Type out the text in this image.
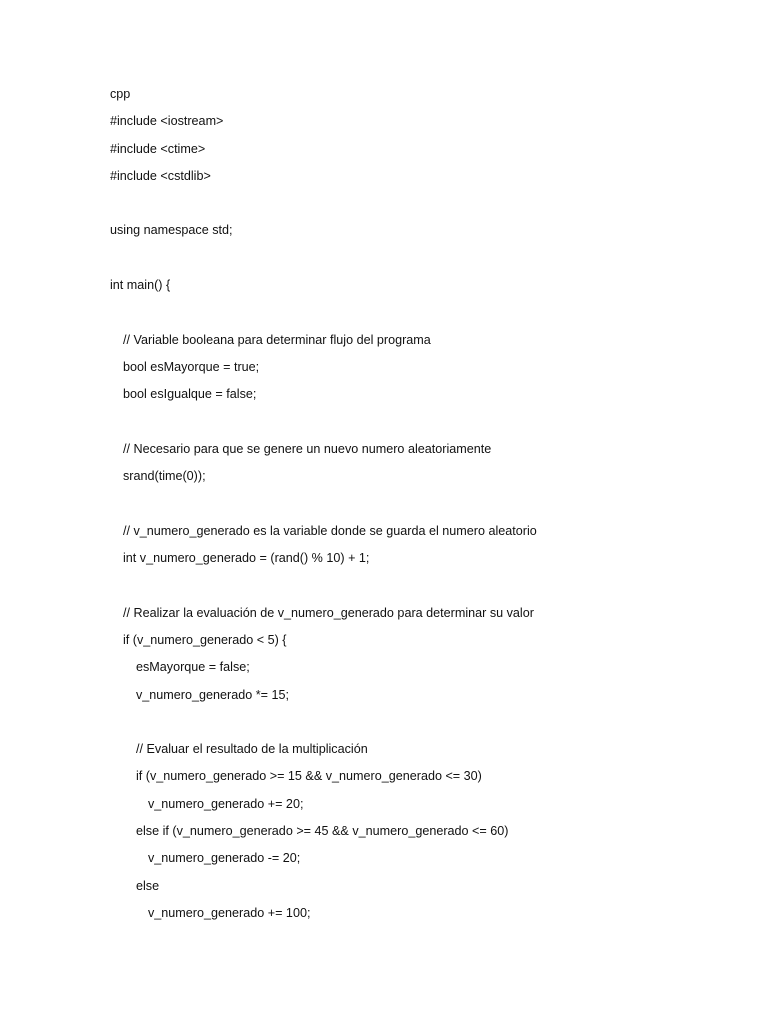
cpp
#include <iostream>
#include <ctime>
#include <cstdlib>
using namespace std;
int main() {
// Variable booleana para determinar flujo del programa
bool esMayorque = true;
bool esIgualque = false;
// Necesario para que se genere un nuevo numero aleatoriamente
srand(time(0));
// v_numero_generado es la variable donde se guarda el numero aleatorio
int v_numero_generado = (rand() % 10) + 1;
// Realizar la evaluación de v_numero_generado para determinar su valor
if (v_numero_generado < 5) {
esMayorque = false;
v_numero_generado *= 15;
// Evaluar el resultado de la multiplicación
if (v_numero_generado >= 15 && v_numero_generado <= 30)
v_numero_generado += 20;
else if (v_numero_generado >= 45 && v_numero_generado <= 60)
v_numero_generado -= 20;
else
v_numero_generado += 100;
